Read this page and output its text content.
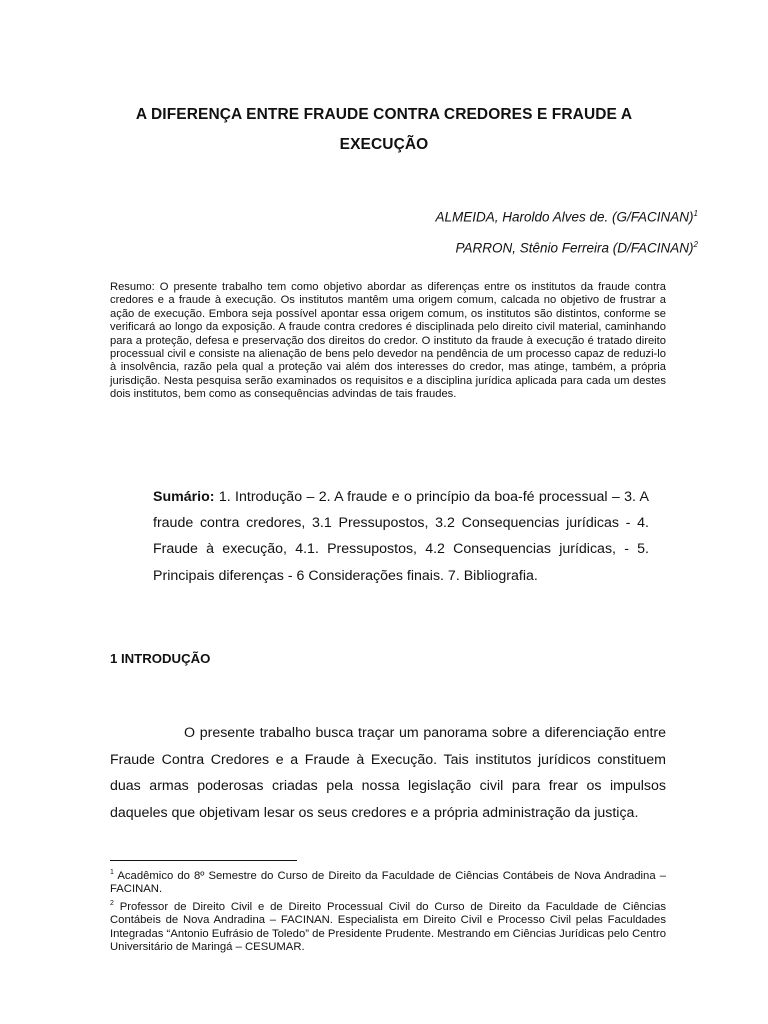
A DIFERENÇA ENTRE FRAUDE CONTRA CREDORES E FRAUDE A
EXECUÇÃO
ALMEIDA, Haroldo Alves de. (G/FACINAN)$^1$
PARRON, Stênio Ferreira (D/FACINAN)$^2$
Resumo: O presente trabalho tem como objetivo abordar as diferenças entre os institutos da fraude contra credores e a fraude à execução. Os institutos mantêm uma origem comum, calcada no objetivo de frustrar a ação de execução. Embora seja possível apontar essa origem comum, os institutos são distintos, conforme se verificará ao longo da exposição. A fraude contra credores é disciplinada pelo direito civil material, caminhando para a proteção, defesa e preservação dos direitos do credor. O instituto da fraude à execução é tratado direito processual civil e consiste na alienação de bens pelo devedor na pendência de um processo capaz de reduzi-lo à insolvência, razão pela qual a proteção vai além dos interesses do credor, mas atinge, também, a própria jurisdição. Nesta pesquisa serão examinados os requisitos e a disciplina jurídica aplicada para cada um destes dois institutos, bem como as consequências advindas de tais fraudes.
Sumário: 1. Introdução – 2. A fraude e o princípio da boa-fé processual – 3. A fraude contra credores, 3.1 Pressupostos, 3.2 Consequencias jurídicas - 4. Fraude à execução, 4.1. Pressupostos, 4.2 Consequencias jurídicas, - 5. Principais diferenças - 6 Considerações finais. 7. Bibliografia.
1 INTRODUÇÃO
O presente trabalho busca traçar um panorama sobre a diferenciação entre Fraude Contra Credores e a Fraude à Execução. Tais institutos jurídicos constituem duas armas poderosas criadas pela nossa legislação civil para frear os impulsos daqueles que objetivam lesar os seus credores e a própria administração da justiça.

$^1$ Acadêmico do 8º Semestre do Curso de Direito da Faculdade de Ciências Contábeis de Nova Andradina – FACINAN.

$^2$ Professor de Direito Civil e de Direito Processual Civil do Curso de Direito da Faculdade de Ciências Contábeis de Nova Andradina – FACINAN. Especialista em Direito Civil e Processo Civil pelas Faculdades Integradas “Antonio Eufrásio de Toledo” de Presidente Prudente. Mestrando em Ciências Jurídicas pelo Centro Universitário de Maringá – CESUMAR.
